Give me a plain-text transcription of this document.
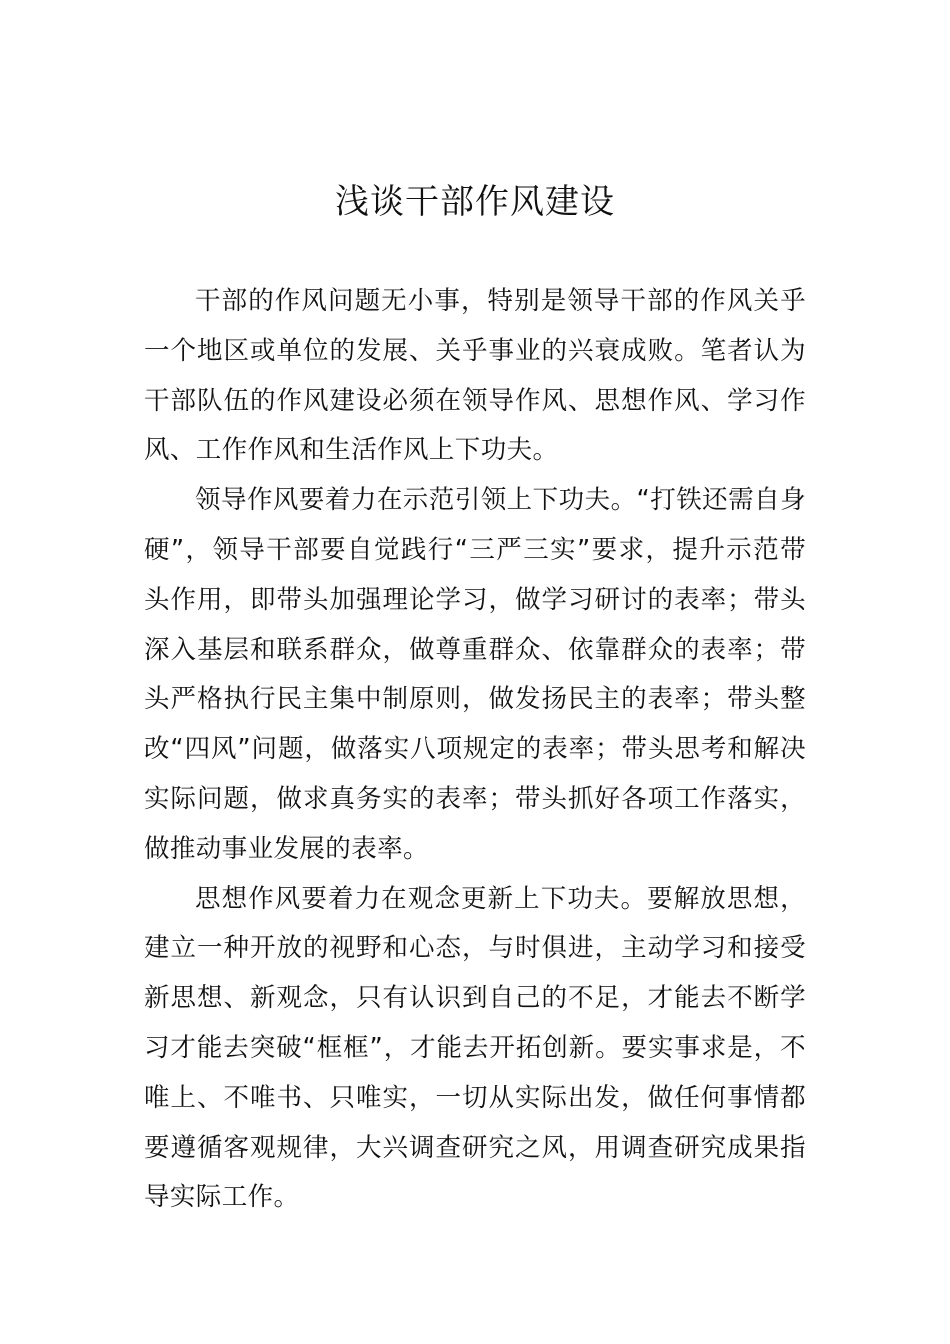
浅谈干部作风建设

干部的作风问题无小事，特别是领导干部的作风关乎一个地区或单位的发展、关乎事业的兴衰成败。笔者认为干部队伍的作风建设必须在领导作风、思想作风、学习作风、工作作风和生活作风上下功夫。

领导作风要着力在示范引领上下功夫。“打铁还需自身硬”，领导干部要自觉践行“三严三实”要求，提升示范带头作用，即带头加强理论学习，做学习研讨的表率；带头深入基层和联系群众，做尊重群众、依靠群众的表率；带头严格执行民主集中制原则，做发扬民主的表率；带头整改“四风”问题，做落实八项规定的表率；带头思考和解决实际问题，做求真务实的表率；带头抓好各项工作落实，做推动事业发展的表率。

思想作风要着力在观念更新上下功夫。要解放思想，建立一种开放的视野和心态，与时俱进，主动学习和接受新思想、新观念，只有认识到自己的不足，才能去不断学习才能去突破“框框”，才能去开拓创新。要实事求是，不唯上、不唯书、只唯实，一切从实际出发，做任何事情都要遵循客观规律，大兴调查研究之风，用调查研究成果指导实际工作。
